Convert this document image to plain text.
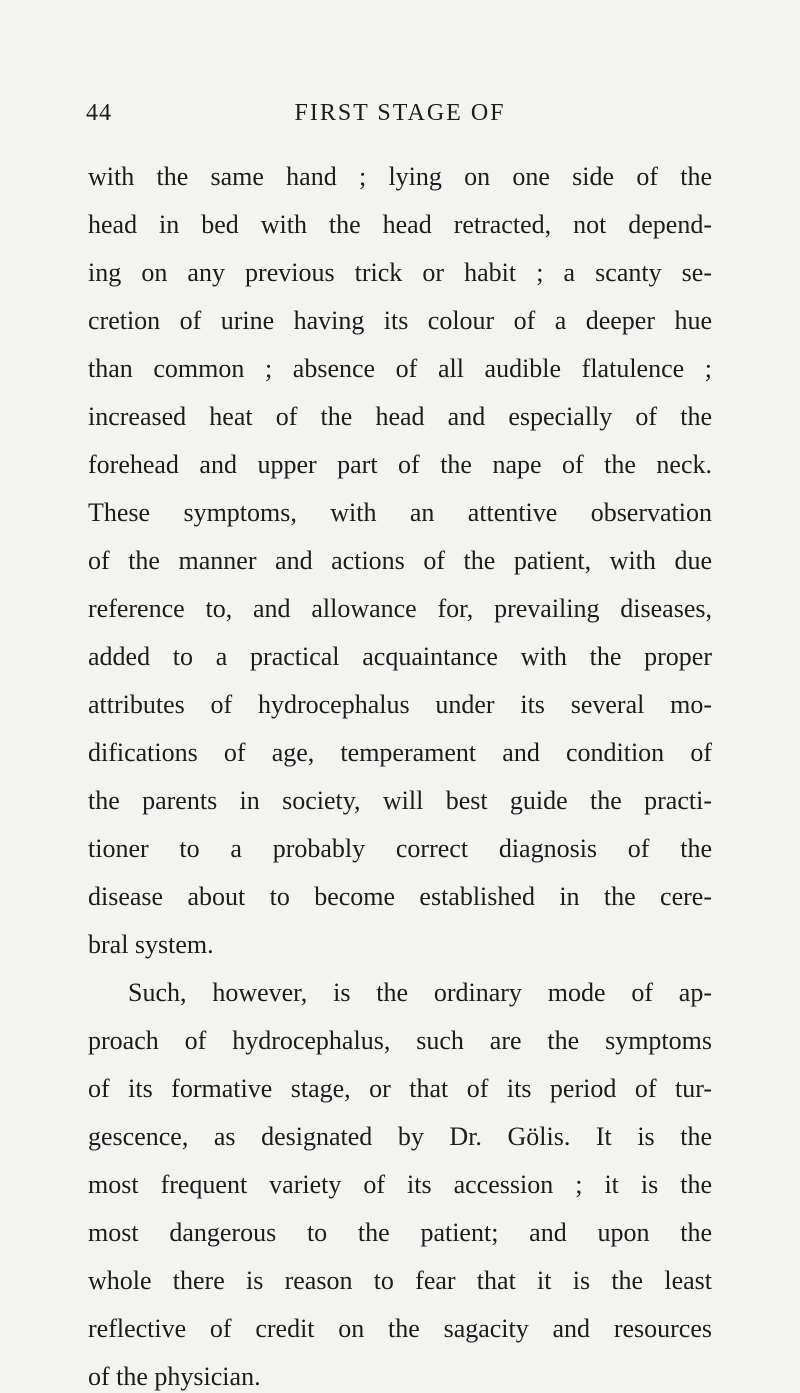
44	FIRST STAGE OF
with the same hand ; lying on one side of the
head in bed with the head retracted, not depend-
ing on any previous trick or habit ; a scanty se-
cretion of urine having its colour of a deeper hue
than common ; absence of all audible flatulence ;
increased heat of the head and especially of the
forehead and upper part of the nape of the neck.
These symptoms, with an attentive observation
of the manner and actions of the patient, with due
reference to, and allowance for, prevailing diseases,
added to a practical acquaintance with the proper
attributes of hydrocephalus under its several mo-
difications of age, temperament and condition of
the parents in society, will best guide the practi-
tioner to a probably correct diagnosis of the
disease about to become established in the cere-
bral system.
Such, however, is the ordinary mode of ap-
proach of hydrocephalus, such are the symptoms
of its formative stage, or that of its period of tur-
gescence, as designated by Dr. Gölis. It is the
most frequent variety of its accession ; it is the
most dangerous to the patient; and upon the
whole there is reason to fear that it is the least
reflective of credit on the sagacity and resources
of the physician.
